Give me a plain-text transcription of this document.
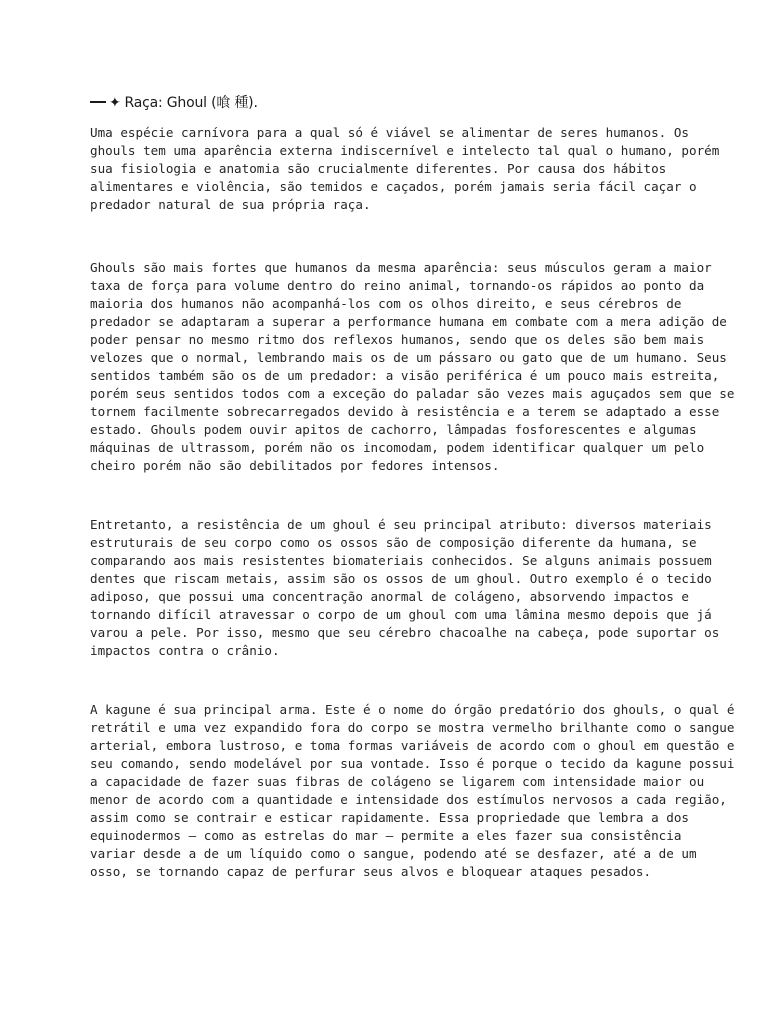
✦ Raça: Ghoul (喰 種).
Uma espécie carnívora para a qual só é viável se alimentar de seres humanos. Os
ghouls tem uma aparência externa indiscernível e intelecto tal qual o humano, porém
sua fisiologia e anatomia são crucialmente diferentes. Por causa dos hábitos
alimentares e violência, são temidos e caçados, porém jamais seria fácil caçar o
predador natural de sua própria raça.
Ghouls são mais fortes que humanos da mesma aparência: seus músculos geram a maior
taxa de força para volume dentro do reino animal, tornando-os rápidos ao ponto da
maioria dos humanos não acompanhá-los com os olhos direito, e seus cérebros de
predador se adaptaram a superar a performance humana em combate com a mera adição de
poder pensar no mesmo ritmo dos reflexos humanos, sendo que os deles são bem mais
velozes que o normal, lembrando mais os de um pássaro ou gato que de um humano. Seus
sentidos também são os de um predador: a visão periférica é um pouco mais estreita,
porém seus sentidos todos com a exceção do paladar são vezes mais aguçados sem que se
tornem facilmente sobrecarregados devido à resistência e a terem se adaptado a esse
estado. Ghouls podem ouvir apitos de cachorro, lâmpadas fosforescentes e algumas
máquinas de ultrassom, porém não os incomodam, podem identificar qualquer um pelo
cheiro porém não são debilitados por fedores intensos.
Entretanto, a resistência de um ghoul é seu principal atributo: diversos materiais
estruturais de seu corpo como os ossos são de composição diferente da humana, se
comparando aos mais resistentes biomateriais conhecidos. Se alguns animais possuem
dentes que riscam metais, assim são os ossos de um ghoul. Outro exemplo é o tecido
adiposo, que possui uma concentração anormal de colágeno, absorvendo impactos e
tornando difícil atravessar o corpo de um ghoul com uma lâmina mesmo depois que já
varou a pele. Por isso, mesmo que seu cérebro chacoalhe na cabeça, pode suportar os
impactos contra o crânio.
A kagune é sua principal arma. Este é o nome do órgão predatório dos ghouls, o qual é
retrátil e uma vez expandido fora do corpo se mostra vermelho brilhante como o sangue
arterial, embora lustroso, e toma formas variáveis de acordo com o ghoul em questão e
seu comando, sendo modelável por sua vontade. Isso é porque o tecido da kagune possui
a capacidade de fazer suas fibras de colágeno se ligarem com intensidade maior ou
menor de acordo com a quantidade e intensidade dos estímulos nervosos a cada região,
assim como se contrair e esticar rapidamente. Essa propriedade que lembra a dos
equinodermos — como as estrelas do mar — permite a eles fazer sua consistência
variar desde a de um líquido como o sangue, podendo até se desfazer, até a de um
osso, se tornando capaz de perfurar seus alvos e bloquear ataques pesados.
